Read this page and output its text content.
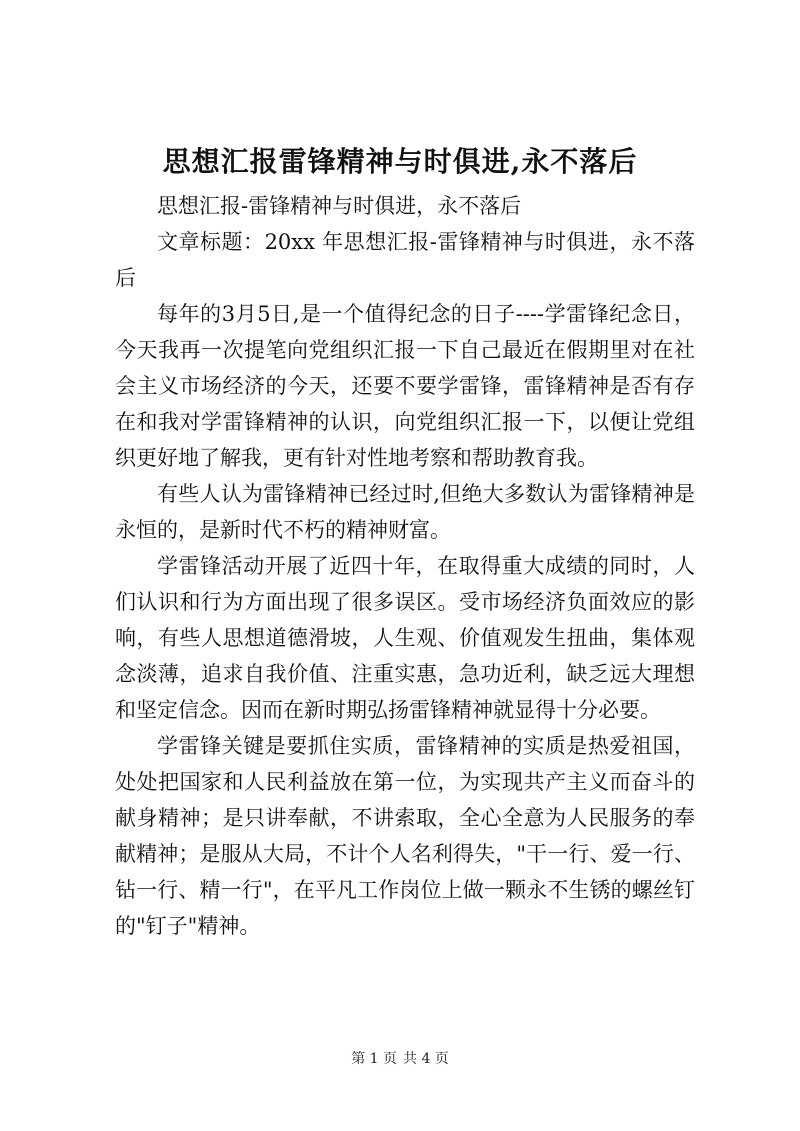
思想汇报雷锋精神与时俱进,永不落后

思想汇报-雷锋精神与时俱进，永不落后

文章标题：20xx 年思想汇报-雷锋精神与时俱进，永不落后

每年的3月5日,是一个值得纪念的日子----学雷锋纪念日，今天我再一次提笔向党组织汇报一下自己最近在假期里对在社会主义市场经济的今天，还要不要学雷锋，雷锋精神是否有存在和我对学雷锋精神的认识，向党组织汇报一下，以便让党组织更好地了解我，更有针对性地考察和帮助教育我。

有些人认为雷锋精神已经过时,但绝大多数认为雷锋精神是永恒的，是新时代不朽的精神财富。

学雷锋活动开展了近四十年，在取得重大成绩的同时，人们认识和行为方面出现了很多误区。受市场经济负面效应的影响，有些人思想道德滑坡，人生观、价值观发生扭曲，集体观念淡薄，追求自我价值、注重实惠，急功近利，缺乏远大理想和坚定信念。因而在新时期弘扬雷锋精神就显得十分必要。

学雷锋关键是要抓住实质，雷锋精神的实质是热爱祖国，处处把国家和人民利益放在第一位，为实现共产主义而奋斗的献身精神；是只讲奉献，不讲索取，全心全意为人民服务的奉献精神；是服从大局，不计个人名利得失，"干一行、爱一行、钻一行、精一行"，在平凡工作岗位上做一颗永不生锈的螺丝钉的"钉子"精神。

第 1 页 共 4 页
